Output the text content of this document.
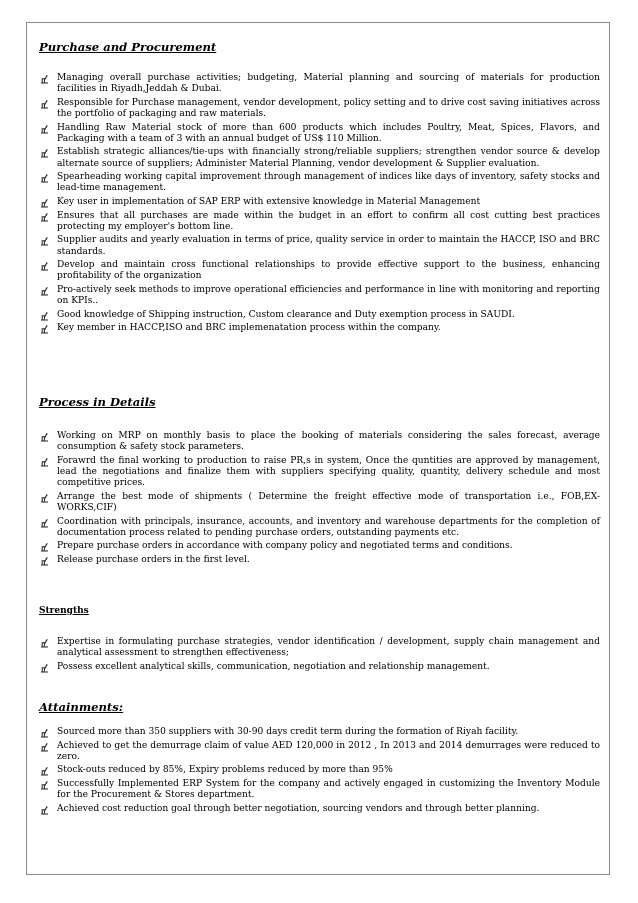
Purchase and Procurement
Managing overall purchase activities; budgeting, Material planning and sourcing of materials for production facilities in Riyadh,Jeddah & Dubai.
Responsible for Purchase management, vendor development, policy setting and to drive cost saving initiatives across the portfolio of packaging and raw materials.
Handling Raw Material stock of more than 600 products which includes Poultry, Meat, Spices, Flavors, and Packaging with a team of 3 with an annual budget of US$ 110 Million.
Establish strategic alliances/tie-ups with financially strong/reliable suppliers; strengthen vendor source & develop alternate source of suppliers; Administer Material Planning, vendor development & Supplier evaluation.
Spearheading working capital improvement through management of indices like days of inventory, safety stocks and lead-time management.
Key user in implementation of SAP ERP with extensive knowledge in Material Management
Ensures that all purchases are made within the budget in an effort to confirm all cost cutting best practices protecting my employer's bottom line.
Supplier audits and yearly evaluation in terms of price, quality service in order to maintain the HACCP, ISO and BRC standards.
Develop and maintain cross functional relationships to provide effective support to the business, enhancing profitability of the organization
Pro-actively seek methods to improve operational efficiencies and performance in line with monitoring and reporting on KPIs..
Good knowledge of Shipping instruction, Custom clearance and Duty exemption process in SAUDI.
Key member in HACCP,ISO and BRC implemenatation process within the company.
Process in Details
Working on MRP on monthly basis to place the booking of materials considering the sales forecast, average consumption & safety stock parameters.
Forawrd the final working to production to raise PR,s in system, Once the quntities are approved by management, lead the negotiations and finalize them with suppliers specifying quality, quantity, delivery schedule and most competitive prices.
Arrange the best mode of shipments ( Determine the freight effective mode of transportation i.e., FOB,EX-WORKS,CIF)
Coordination with principals, insurance, accounts, and inventory and warehouse departments for the completion of documentation process related to pending purchase orders, outstanding payments etc.
Prepare purchase orders in accordance with company policy and negotiated terms and conditions.
Release purchase orders in the first level.
Strengths
Expertise in formulating purchase strategies, vendor identification / development, supply chain management and analytical assessment to strengthen effectiveness;
Possess excellent analytical skills, communication, negotiation and relationship management.
Attainments:
Sourced more than 350 suppliers with 30-90 days credit term during the formation of Riyah facility.
Achieved to get the demurrage claim of value AED 120,000 in 2012 , In 2013 and 2014 demurrages were reduced to zero.
Stock-outs reduced by 85%, Expiry problems reduced by more than 95%
Successfully Implemented ERP System for the company and actively engaged in customizing the Inventory Module for the Procurement & Stores department.
Achieved cost reduction goal through better negotiation, sourcing vendors and through better planning.
